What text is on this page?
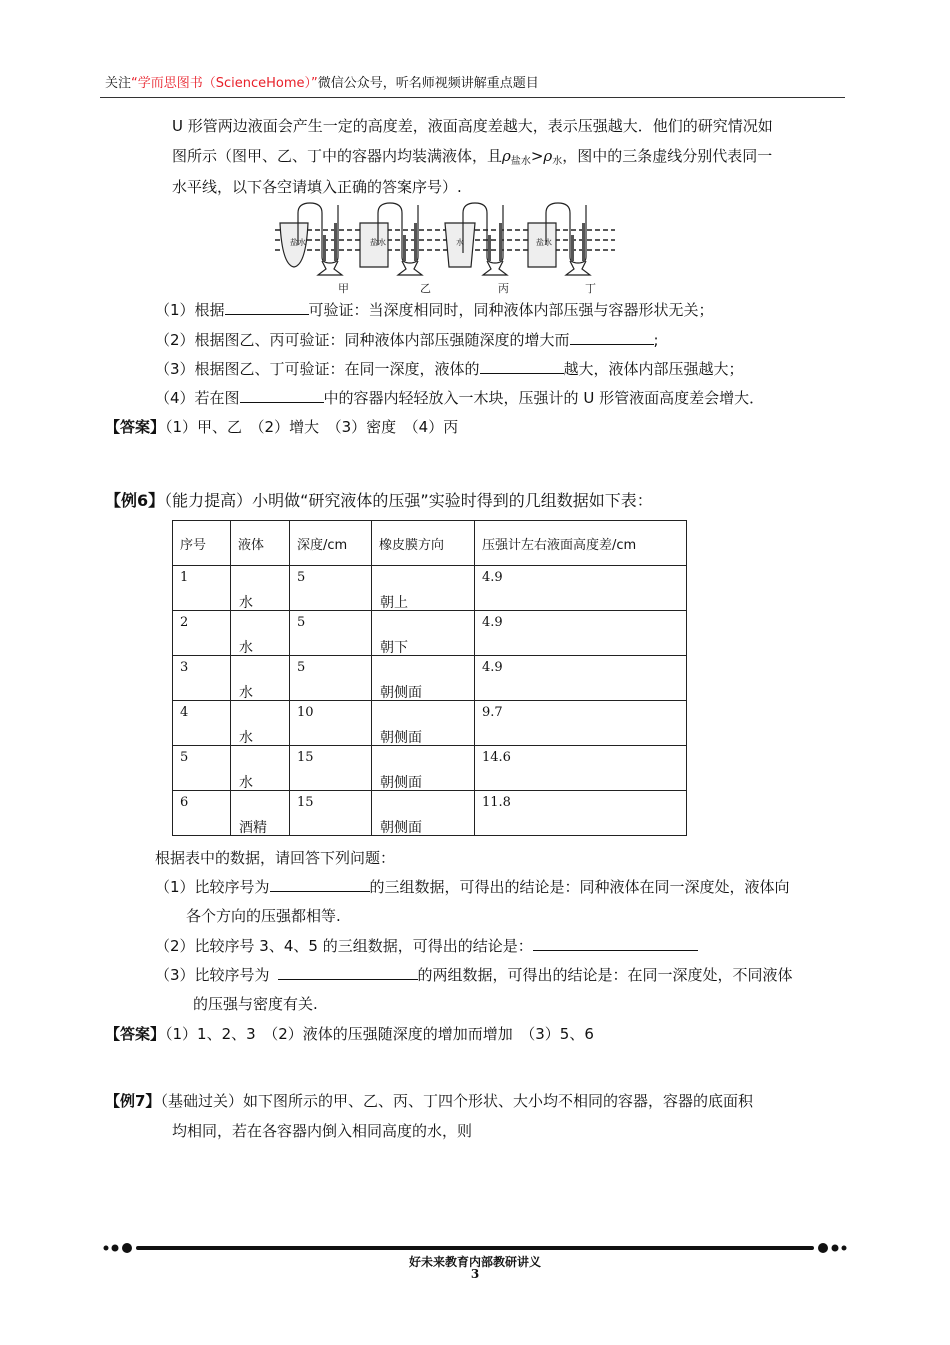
关注“学而思图书（ScienceHome）”微信公众号，听名师视频讲解重点题目
U 形管两边液面会产生一定的高度差，液面高度差越大，表示压强越大．他们的研究情况如
图所示（图甲、乙、丁中的容器内均装满液体，且$\rho_{盐水}>\rho_水$，图中的三条虚线分别代表同一
水平线，以下各空请填入正确的答案序号）.
甲	乙	丙	丁
盐水	盐水	水	盐水
（1）根据	可验证：当深度相同时，同种液体内部压强与容器形状无关；
（2）根据图乙、丙可验证：同种液体内部压强随深度的增大而	;
（3）根据图乙、丁可验证：在同一深度，液体的	越大，液体内部压强越大；
（4）若在图	中的容器内轻轻放入一木块，压强计的 U 形管液面高度差会增大．
【答案】（1）甲、乙　（2）增大　（3）密度　（4）丙
【例6】（能力提高）小明做“研究液体的压强”实验时得到的几组数据如下表：
序号	液体	深度/cm	橡皮膜方向	压强计左右液面高度差/cm

1	水	5	朝上	4.9

2	水	5	朝下	4.9

3	水	5	朝侧面	4.9

4	水	10	朝侧面	9.7

5	水	15	朝侧面	14.6

6	酒精	15	朝侧面	11.8
根据表中的数据，请回答下列问题：
（1）比较序号为	的三组数据，可得出的结论是：同种液体在同一深度处，液体向
各个方向的压强都相等.
（2）比较序号 3、4、5 的三组数据，可得出的结论是：
（3）比较序号为	的两组数据，可得出的结论是：在同一深度处，不同液体
的压强与密度有关.
【答案】（1）1、2、3　（2）液体的压强随深度的增加而增加　（3）5、6
【例7】（基础过关）如下图所示的甲、乙、丙、丁四个形状、大小均不相同的容器，容器的底面积
均相同，若在各容器内倒入相同高度的水，则
好未来教育内部教研讲义
3
